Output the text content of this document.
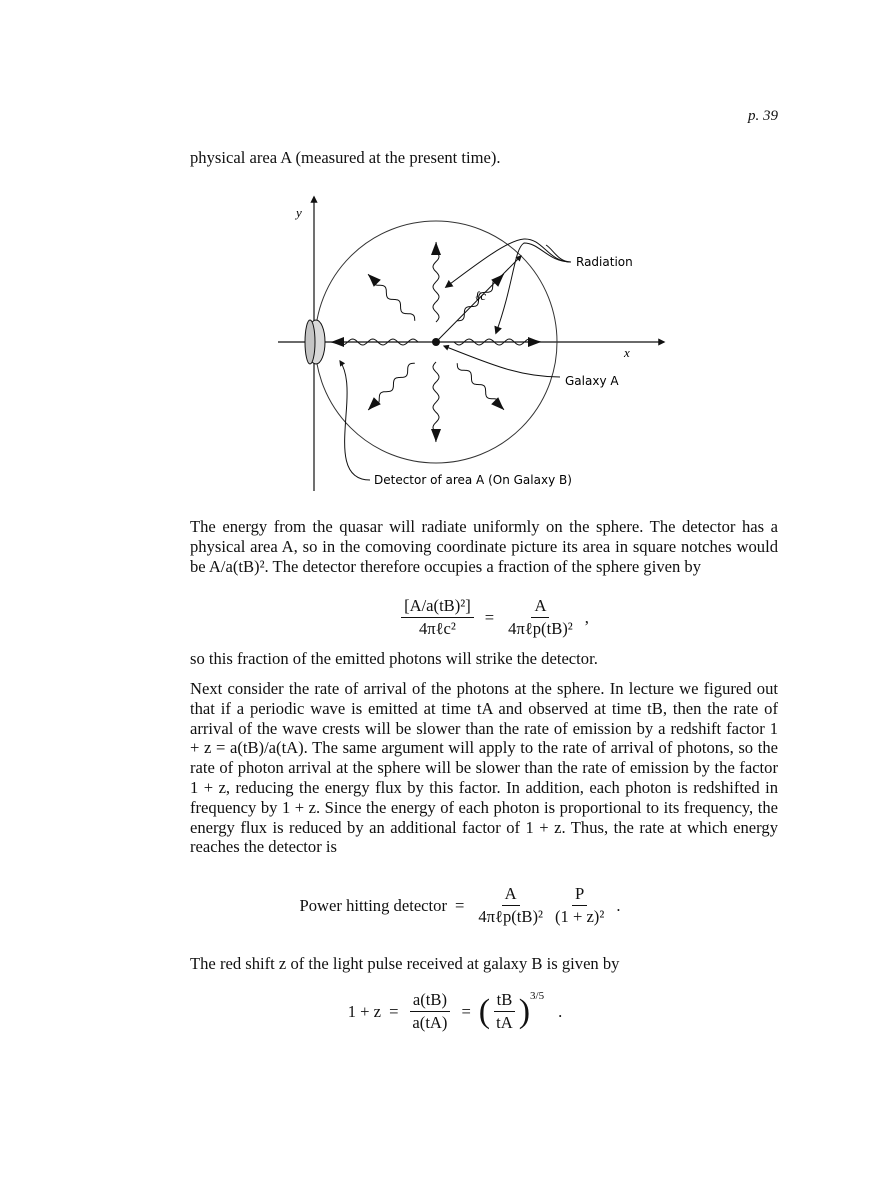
p. 39

physical area A (measured at the present time).

y
x
ℓc
Radiation
Galaxy A
Detector of area A (On Galaxy B)

The energy from the quasar will radiate uniformly on the sphere. The detector has a physical area A, so in the comoving coordinate picture its area in square notches would be A/a(tB)². The detector therefore occupies a fraction of the sphere given by

$\frac{\text{[A/a(tB)²]}}{\text{4πℓc²}} = \frac{A}{\text{4πℓp(tB)²}}$ ,

so this fraction of the emitted photons will strike the detector.

Next consider the rate of arrival of the photons at the sphere. In lecture we figured out that if a periodic wave is emitted at time tA and observed at time tB, then the rate of arrival of the wave crests will be slower than the rate of emission by a redshift factor 1 + z = a(tB)/a(tA). The same argument will apply to the rate of arrival of photons, so the rate of photon arrival at the sphere will be slower than the rate of emission by the factor 1 + z, reducing the energy flux by this factor. In addition, each photon is redshifted in frequency by 1 + z. Since the energy of each photon is proportional to its frequency, the energy flux is reduced by an additional factor of 1 + z. Thus, the rate at which energy reaches the detector is

Power hitting detector = $\frac{A}{\text{4πℓp(tB)²}} \frac{P}{\text{(1 + z)²}}$ .

The red shift z of the light pulse received at galaxy B is given by

$1 + z = \frac{a(tB)}{a(tA)}$ = ( $\frac{tB}{tA} )^{3/5}$
.
